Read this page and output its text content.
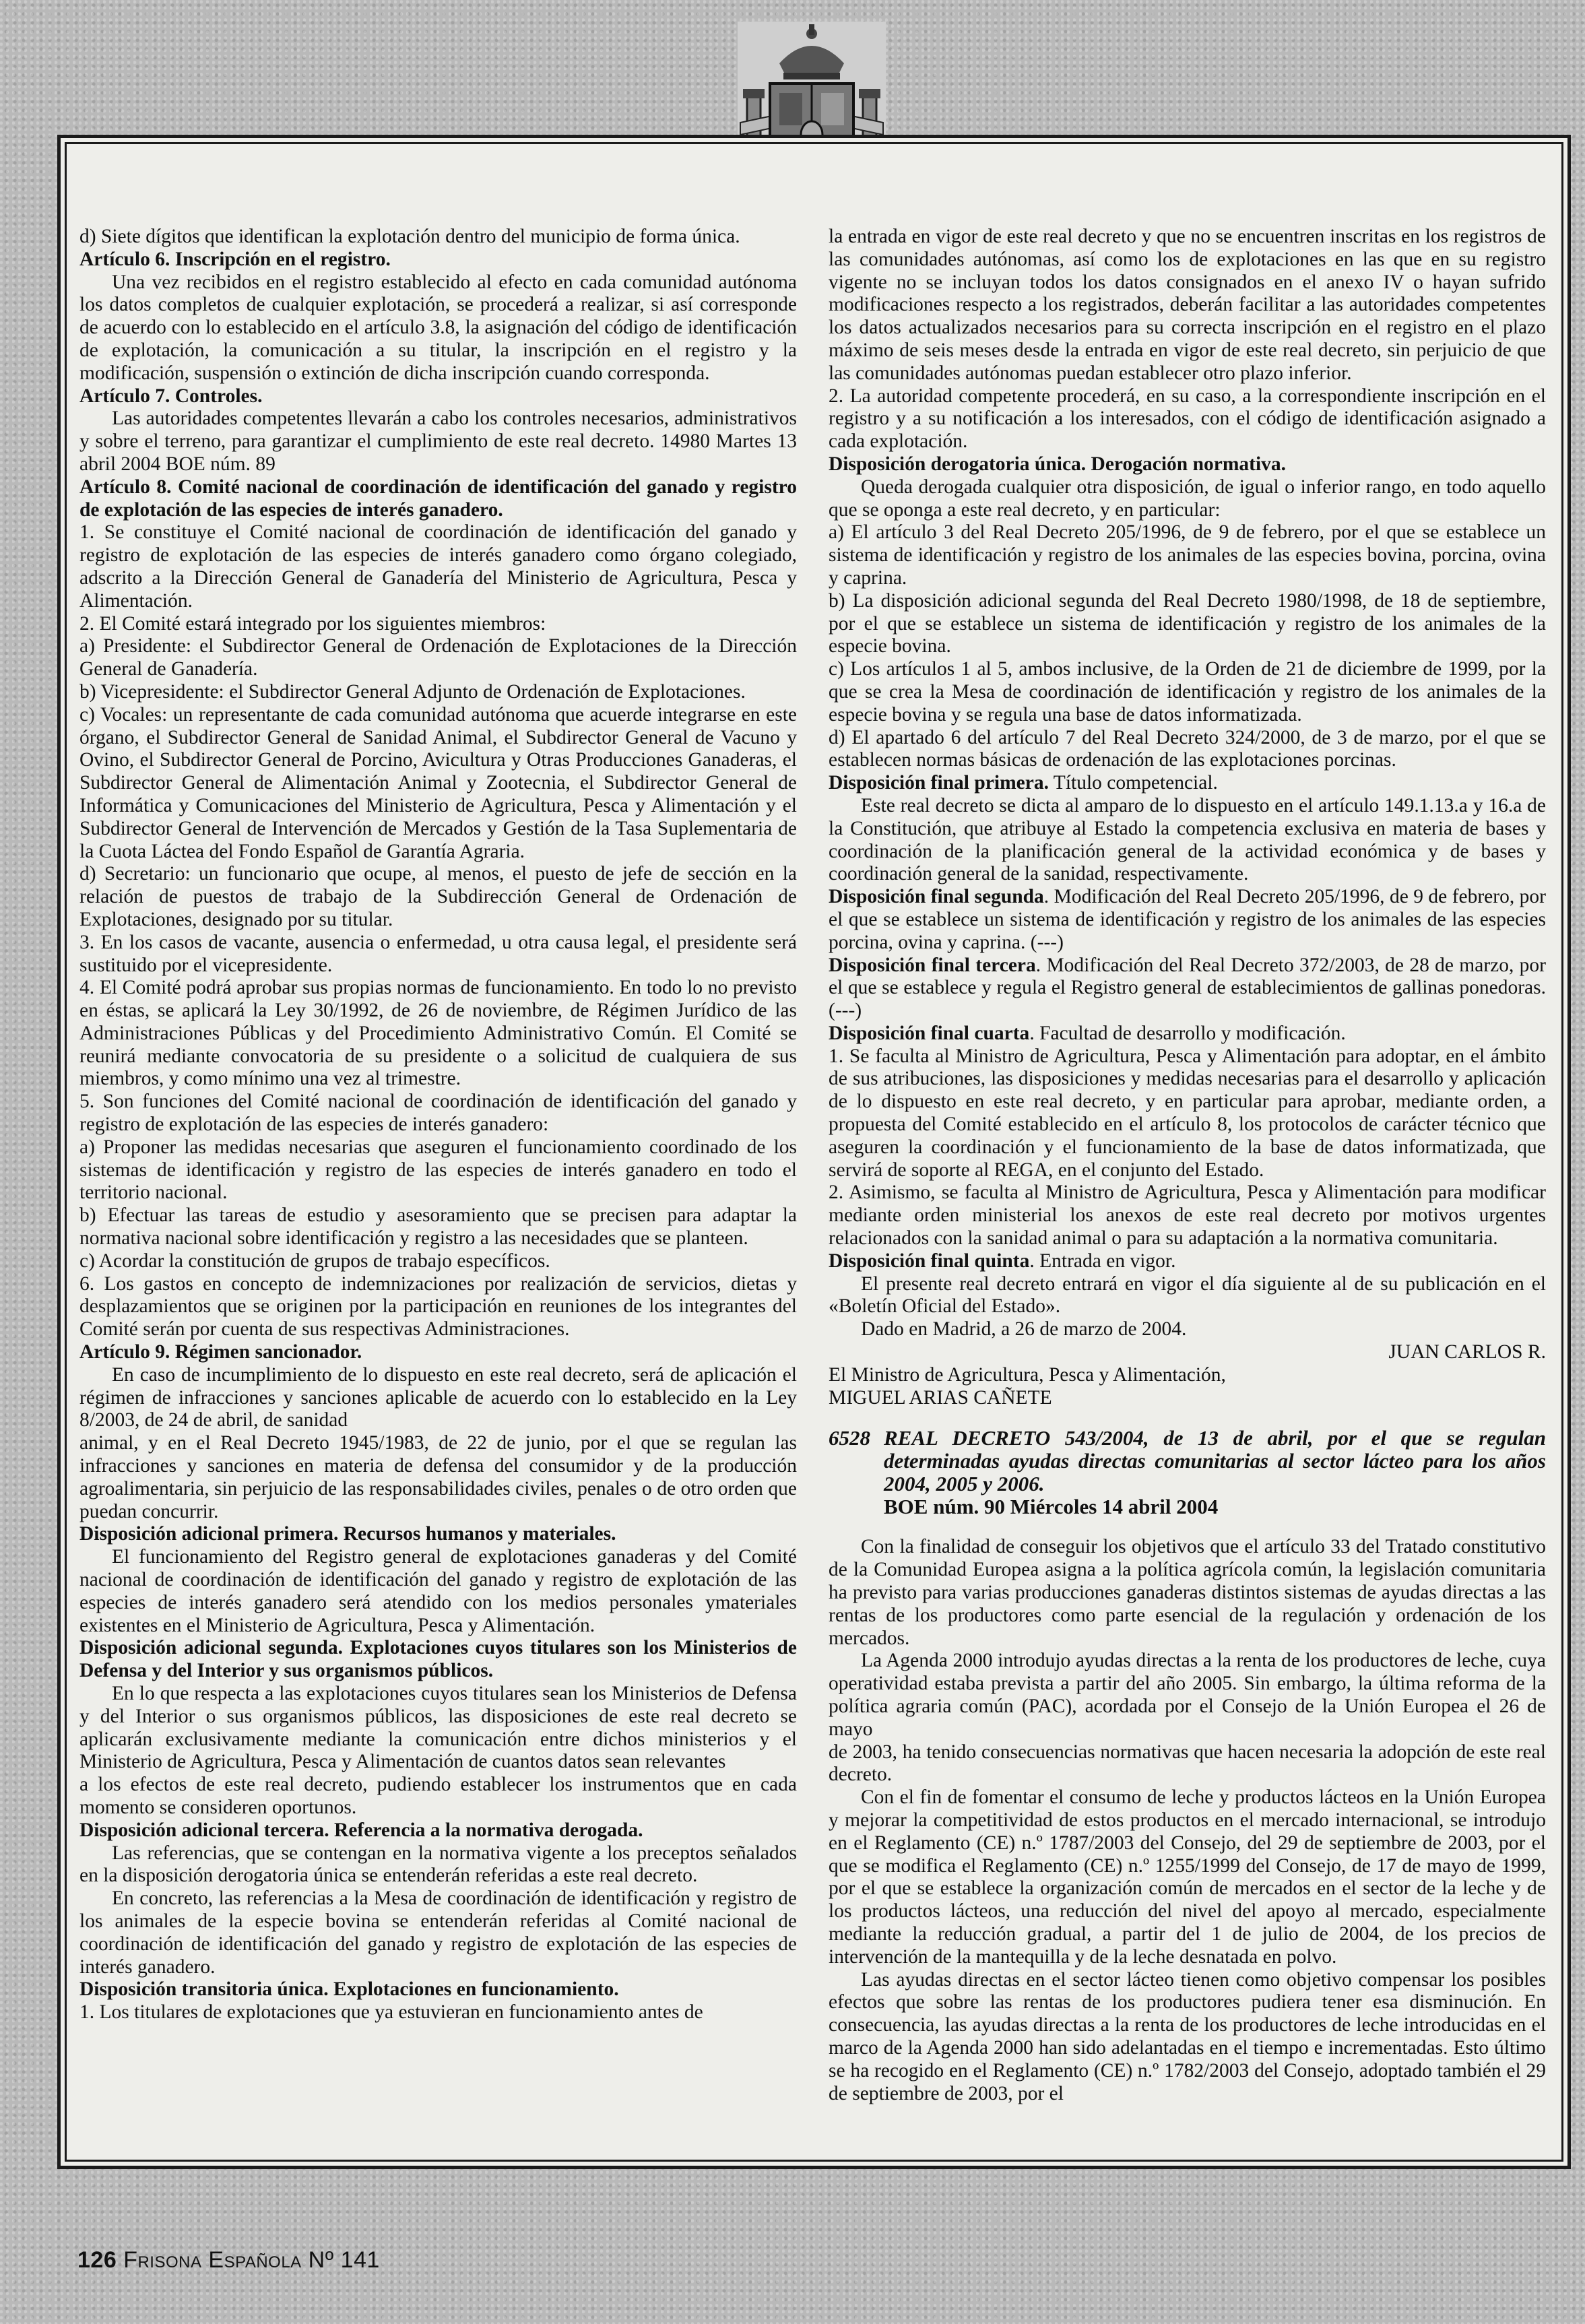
d) Siete dígitos que identifican la explotación dentro del municipio de forma única.

Artículo 6. Inscripción en el registro.

Una vez recibidos en el registro establecido al efecto en cada comunidad autónoma los datos completos de cualquier explotación, se procederá a realizar, si así corresponde de acuerdo con lo establecido en el artículo 3.8, la asignación del código de identificación de explotación, la comunicación a su titular, la inscripción en el registro y la modificación, suspensión o extinción de dicha inscripción cuando corresponda.

Artículo 7. Controles.

Las autoridades competentes llevarán a cabo los controles necesarios, administrativos y sobre el terreno, para garantizar el cumplimiento de este real decreto. 14980 Martes 13 abril 2004 BOE núm. 89

Artículo 8. Comité nacional de coordinación de identificación del ganado y registro de explotación de las especies de interés ganadero.

1. Se constituye el Comité nacional de coordinación de identificación del ganado y registro de explotación de las especies de interés ganadero como órgano colegiado, adscrito a la Dirección General de Ganadería del Ministerio de Agricultura, Pesca y Alimentación.

2. El Comité estará integrado por los siguientes miembros:

a) Presidente: el Subdirector General de Ordenación de Explotaciones de la Dirección General de Ganadería.

b) Vicepresidente: el Subdirector General Adjunto de Ordenación de Explotaciones.

c) Vocales: un representante de cada comunidad autónoma que acuerde integrarse en este órgano, el Subdirector General de Sanidad Animal, el Subdirector General de Vacuno y Ovino, el Subdirector General de Porcino, Avicultura y Otras Producciones Ganaderas, el Subdirector General de Alimentación Animal y Zootecnia, el Subdirector General de Informática y Comunicaciones del Ministerio de Agricultura, Pesca y Alimentación y el Subdirector General de Intervención de Mercados y Gestión de la Tasa Suplementaria de la Cuota Láctea del Fondo Español de Garantía Agraria.

d) Secretario: un funcionario que ocupe, al menos, el puesto de jefe de sección en la relación de puestos de trabajo de la Subdirección General de Ordenación de Explotaciones, designado por su titular.

3. En los casos de vacante, ausencia o enfermedad, u otra causa legal, el presidente será sustituido por el vicepresidente.

4. El Comité podrá aprobar sus propias normas de funcionamiento. En todo lo no previsto en éstas, se aplicará la Ley 30/1992, de 26 de noviembre, de Régimen Jurídico de las Administraciones Públicas y del Procedimiento Administrativo Común. El Comité se reunirá mediante convocatoria de su presidente o a solicitud de cualquiera de sus miembros, y como mínimo una vez al trimestre.

5. Son funciones del Comité nacional de coordinación de identificación del ganado y registro de explotación de las especies de interés ganadero:

a) Proponer las medidas necesarias que aseguren el funcionamiento coordinado de los sistemas de identificación y registro de las especies de interés ganadero en todo el territorio nacional.

b) Efectuar las tareas de estudio y asesoramiento que se precisen para adaptar la normativa nacional sobre identificación y registro a las necesidades que se planteen.

c) Acordar la constitución de grupos de trabajo específicos.

6. Los gastos en concepto de indemnizaciones por realización de servicios, dietas y desplazamientos que se originen por la participación en reuniones de los integrantes del Comité serán por cuenta de sus respectivas Administraciones.

Artículo 9. Régimen sancionador.

En caso de incumplimiento de lo dispuesto en este real decreto, será de aplicación el régimen de infracciones y sanciones aplicable de acuerdo con lo establecido en la Ley 8/2003, de 24 de abril, de sanidad

animal, y en el Real Decreto 1945/1983, de 22 de junio, por el que se regulan las infracciones y sanciones en materia de defensa del consumidor y de la producción agroalimentaria, sin perjuicio de las responsabilidades civiles, penales o de otro orden que puedan concurrir.

Disposición adicional primera. Recursos humanos y materiales.

El funcionamiento del Registro general de explotaciones ganaderas y del Comité nacional de coordinación de identificación del ganado y registro de explotación de las especies de interés ganadero será atendido con los medios personales ymateriales existentes en el Ministerio de Agricultura, Pesca y Alimentación.

Disposición adicional segunda. Explotaciones cuyos titulares son los Ministerios de Defensa y del Interior y sus organismos públicos.

En lo que respecta a las explotaciones cuyos titulares sean los Ministerios de Defensa y del Interior o sus organismos públicos, las disposiciones de este real decreto se aplicarán exclusivamente mediante la comunicación entre dichos ministerios y el Ministerio de Agricultura, Pesca y Alimentación de cuantos datos sean relevantes

a los efectos de este real decreto, pudiendo establecer los instrumentos que en cada momento se consideren oportunos.

Disposición adicional tercera. Referencia a la normativa derogada.

Las referencias, que se contengan en la normativa vigente a los preceptos señalados en la disposición derogatoria única se entenderán referidas a este real decreto.

En concreto, las referencias a la Mesa de coordinación de identificación y registro de los animales de la especie bovina se entenderán referidas al Comité nacional de coordinación de identificación del ganado y registro de explotación de las especies de interés ganadero.

Disposición transitoria única. Explotaciones en funcionamiento.

1. Los titulares de explotaciones que ya estuvieran en funcionamiento antes de

la entrada en vigor de este real decreto y que no se encuentren inscritas en los registros de las comunidades autónomas, así como los de explotaciones en las que en su registro vigente no se incluyan todos los datos consignados en el anexo IV o hayan sufrido modificaciones respecto a los registrados, deberán facilitar a las autoridades competentes los datos actualizados necesarios para su correcta inscripción en el registro en el plazo máximo de seis meses desde la entrada en vigor de este real decreto, sin perjuicio de que las comunidades autónomas puedan establecer otro plazo inferior.

2. La autoridad competente procederá, en su caso, a la correspondiente inscripción en el registro y a su notificación a los interesados, con el código de identificación asignado a cada explotación.

Disposición derogatoria única. Derogación normativa.

Queda derogada cualquier otra disposición, de igual o inferior rango, en todo aquello que se oponga a este real decreto, y en particular:

a) El artículo 3 del Real Decreto 205/1996, de 9 de febrero, por el que se establece un sistema de identificación y registro de los animales de las especies bovina, porcina, ovina y caprina.

b) La disposición adicional segunda del Real Decreto 1980/1998, de 18 de septiembre, por el que se establece un sistema de identificación y registro de los animales de la especie bovina.

c) Los artículos 1 al 5, ambos inclusive, de la Orden de 21 de diciembre de 1999, por la que se crea la Mesa de coordinación de identificación y registro de los animales de la especie bovina y se regula una base de datos informatizada.

d) El apartado 6 del artículo 7 del Real Decreto 324/2000, de 3 de marzo, por el que se establecen normas básicas de ordenación de las explotaciones porcinas.

Disposición final primera. Título competencial.

Este real decreto se dicta al amparo de lo dispuesto en el artículo 149.1.13.a y 16.a de la Constitución, que atribuye al Estado la competencia exclusiva en materia de bases y coordinación de la planificación general de la actividad económica y de bases y coordinación general de la sanidad, respectivamente.

Disposición final segunda. Modificación del Real Decreto 205/1996, de 9 de febrero, por el que se establece un sistema de identificación y registro de los animales de las especies porcina, ovina y caprina. (---)

Disposición final tercera. Modificación del Real Decreto 372/2003, de 28 de marzo, por el que se establece y regula el Registro general de establecimientos de gallinas ponedoras. (---)

Disposición final cuarta. Facultad de desarrollo y modificación.

1. Se faculta al Ministro de Agricultura, Pesca y Alimentación para adoptar, en el ámbito de sus atribuciones, las disposiciones y medidas necesarias para el desarrollo y aplicación de lo dispuesto en este real decreto, y en particular para aprobar, mediante orden, a propuesta del Comité establecido en el artículo 8, los protocolos de carácter técnico que aseguren la coordinación y el funcionamiento de la base de datos informatizada, que servirá de soporte al REGA, en el conjunto del Estado.

2. Asimismo, se faculta al Ministro de Agricultura, Pesca y Alimentación para modificar mediante orden ministerial los anexos de este real decreto por motivos urgentes relacionados con la sanidad animal o para su adaptación a la normativa comunitaria.

Disposición final quinta. Entrada en vigor.

El presente real decreto entrará en vigor el día siguiente al de su publicación en el «Boletín Oficial del Estado».

Dado en Madrid, a 26 de marzo de 2004.

JUAN CARLOS R.

El Ministro de Agricultura, Pesca y Alimentación,

MIGUEL ARIAS CAÑETE

6528 REAL DECRETO 543/2004, de 13 de abril, por el que se regulan determinadas ayudas directas comunitarias al sector lácteo para los años 2004, 2005 y 2006.
BOE núm. 90 Miércoles 14 abril 2004

Con la finalidad de conseguir los objetivos que el artículo 33 del Tratado constitutivo de la Comunidad Europea asigna a la política agrícola común, la legislación comunitaria ha previsto para varias producciones ganaderas distintos sistemas de ayudas directas a las rentas de los productores como parte esencial de la regulación y ordenación de los mercados.

La Agenda 2000 introdujo ayudas directas a la renta de los productores de leche, cuya operatividad estaba prevista a partir del año 2005. Sin embargo, la última reforma de la política agraria común (PAC), acordada por el Consejo de la Unión Europea el 26 de mayo

de 2003, ha tenido consecuencias normativas que hacen necesaria la adopción de este real decreto.

Con el fin de fomentar el consumo de leche y productos lácteos en la Unión Europea y mejorar la competitividad de estos productos en el mercado internacional, se introdujo en el Reglamento (CE) n.º 1787/2003 del Consejo, del 29 de septiembre de 2003, por el que se modifica el Reglamento (CE) n.º 1255/1999 del Consejo, de 17 de mayo de 1999, por el que se establece la organización común de mercados en el sector de la leche y de los productos lácteos, una reducción del nivel del apoyo al mercado, especialmente mediante la reducción gradual, a partir del 1 de julio de 2004, de los precios de intervención de la mantequilla y de la leche desnatada en polvo.

Las ayudas directas en el sector lácteo tienen como objetivo compensar los posibles efectos que sobre las rentas de los productores pudiera tener esa disminución. En consecuencia, las ayudas directas a la renta de los productores de leche introducidas en el marco de la Agenda 2000 han sido adelantadas en el tiempo e incrementadas. Esto último se ha recogido en el Reglamento (CE) n.º 1782/2003 del Consejo, adoptado también el 29 de septiembre de 2003, por el

126 Frisona Española Nº 141
